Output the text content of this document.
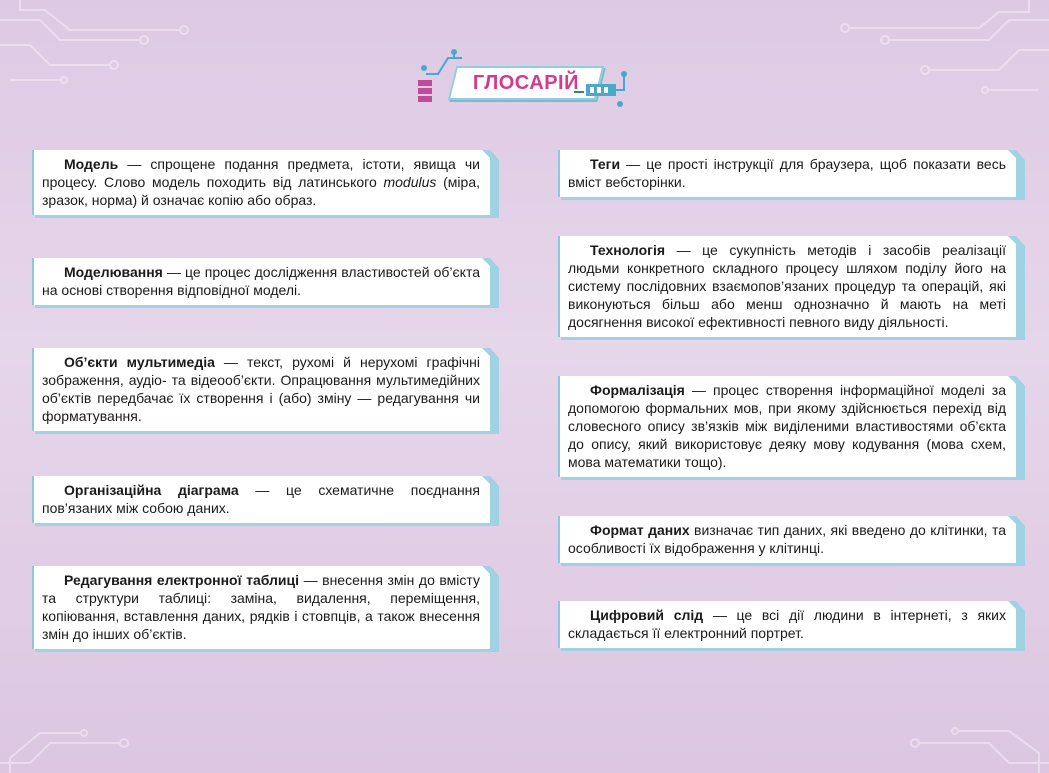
ГЛОСАРІЙ
Модель — спрощене подання предмета, істоти, явища чи процесу. Слово модель походить від латинського modulus (міра, зразок, норма) й означає копію або образ.
Моделювання — це процес дослідження властивостей об’єкта на основі створення відповідної моделі.
Об’єкти мультимедіа — текст, рухомі й нерухомі графічні зображення, аудіо- та відеооб’єкти. Опрацювання мультимедійних об’єктів передбачає їх створення і (або) зміну — редагування чи форматування.
Організаційна діаграма — це схематичне поєднання пов’язаних між собою даних.
Редагування електронної таблиці — внесення змін до вмісту та структури таблиці: заміна, видалення, переміщення, копіювання, вставлення даних, рядків і стовпців, а також внесення змін до інших об’єктів.
Теги — це прості інструкції для браузера, щоб показати весь вміст вебсторінки.
Технологія — це сукупність методів і засобів реалізації людьми конкретного складного процесу шляхом поділу його на систему послідовних взаємопов’язаних процедур та операцій, які виконуються більш або менш однозначно й мають на меті досягнення високої ефективності певного виду діяльності.
Формалізація — процес створення інформаційної моделі за допомогою формальних мов, при якому здійснюється перехід від словесного опису зв’язків між виділеними властивостями об’єкта до опису, який використовує деяку мову кодування (мова схем, мова математики тощо).
Формат даних визначає тип даних, які введено до клітинки, та особливості їх відображення у клітинці.
Цифровий слід — це всі дії людини в інтернеті, з яких складається її електронний портрет.
